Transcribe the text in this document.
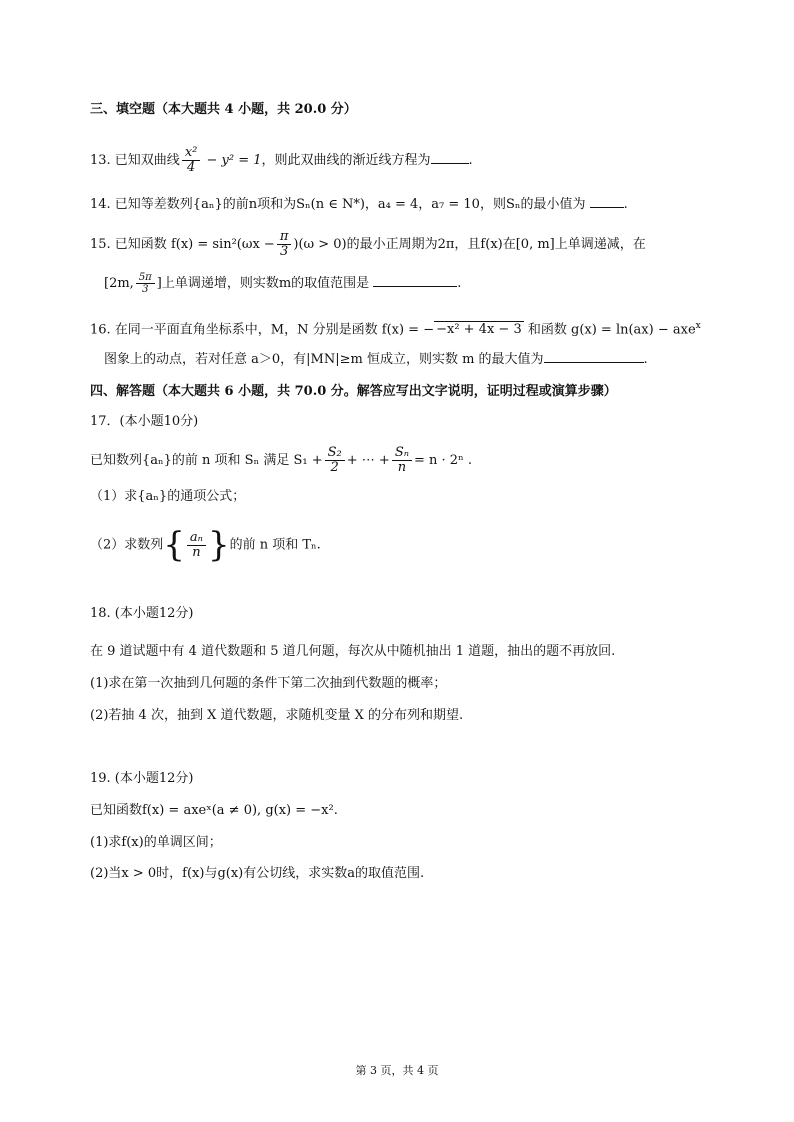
三、填空题（本大题共 4 小题，共 20.0 分）
13. 已知双曲线 $\frac{\text{x²}}{4} - y^2 = 1$，则此双曲线的渐近线方程为	.
14. 已知等差数列{aₙ}的前n项和为Sₙ(n ∈ N*)，a₄ = 4，a₇ = 10，则Sₙ的最小值为	.
15. 已知函数 $f(x) = \sin^2(\omega x - \frac{\pi}{3} )(\omega > 0)$的最小正周期为2π，且f(x)在[0, m]上单调递减，在
[2m, $\frac{5\pi}{3}$ ]上单调递增，则实数m的取值范围是	.
16. 在同一平面直角坐标系中，M，N 分别是函数 f(x) = − −x² + 4x − 3 和函数 g(x) = ln(ax) − axe$^x$
图象上的动点，若对任意 a＞0，有|MN|≥m 恒成立，则实数 m 的最大值为	.
四、解答题（本大题共 6 小题，共 70.0 分。解答应写出文字说明，证明过程或演算步骤）
17．(本小题10分)
已知数列{aₙ}的前 n 项和 Sₙ 满足 $S_1 + \frac{\text{S₂}}{2}$ + ⋯ + $\frac{\text{Sₙ}}{n} = n \cdot 2^n$ .
（1）求{aₙ}的通项公式；
（2）求数列{ $\frac{\text{aₙ}}{n}$ }的前 n 项和 Tₙ.
18. (本小题12分)
在 9 道试题中有 4 道代数题和 5 道几何题，每次从中随机抽出 1 道题，抽出的题不再放回.
(1)求在第一次抽到几何题的条件下第二次抽到代数题的概率；
(2)若抽 4 次，抽到 X 道代数题，求随机变量 X 的分布列和期望.
19. (本小题12分)
已知函数f(x) = axeˣ(a ≠ 0), g(x) = −x².
(1)求f(x)的单调区间；
(2)当x > 0时，f(x)与g(x)有公切线，求实数a的取值范围.
第 3 页，共 4 页
